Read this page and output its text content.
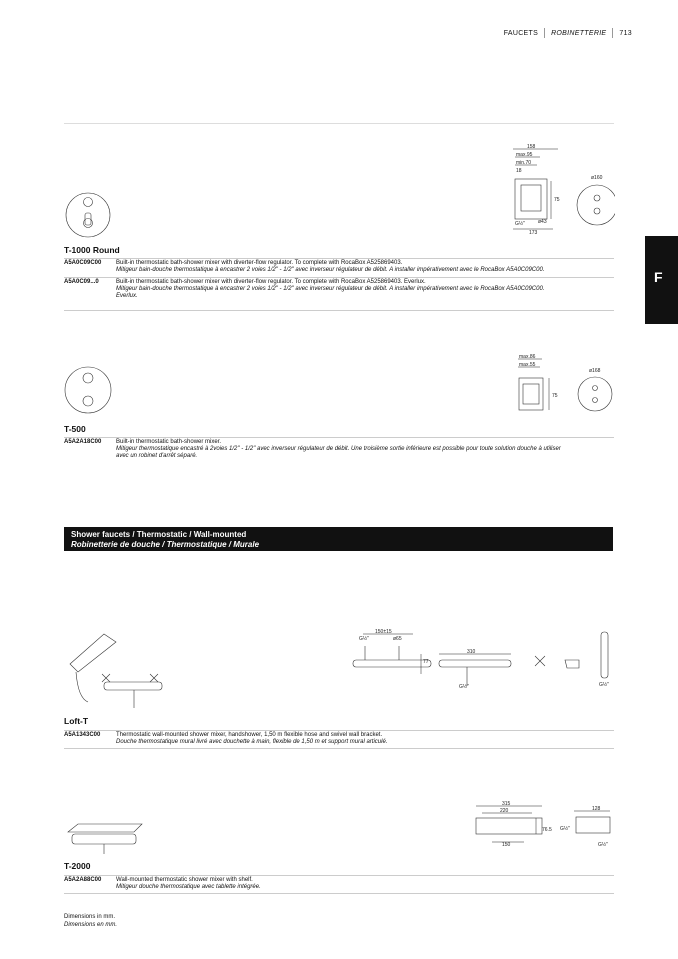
FAUCETS ROBINETTERIE 713
F
158
max.95
min.70
18
75
ø43
G½"
173
ø160
T-1000 Round
A5A0C09C00 Built-in thermostatic bath-shower mixer with diverter-flow regulator. To complete with RocaBox A525869403.
Mitigeur bain-douche thermostatique à encastrer 2 voies 1/2" - 1/2" avec inverseur régulateur de débit. A installer impérativement avec le RocaBox A5A0C09C00.
A5A0C09...0	Built-in thermostatic bath-shower mixer with diverter-flow regulator. To complete with RocaBox A525869403. Everlux.
Mitigeur bain-douche thermostatique à encastrer 2 voies 1/2" - 1/2" avec inverseur régulateur de débit. A installer impérativement avec le RocaBox A5A0C09C00.
Everlux.
max.86
max.55
75
ø168
T-500
A5A2A18C00 Built-in thermostatic bath-shower mixer.
Mitigeur thermostatique encastré à 2voies 1/2" - 1/2" avec inverseur régulateur de débit. Une troisième sortie inférieure est possible pour toute solution douche à utiliser
avec un robinet d'arrêt séparé.
Shower faucets / Thermostatic / Wall-mounted
Robinetterie de douche / Thermostatique / Murale
150±15
G½"	ø65
77
310
G½"	G½"
Loft-T
A5A1343C00	Thermostatic wall-mounted shower mixer, handshower, 1,50 m flexible hose and swivel wall bracket.
Douche thermostatique mural livré avec douchette à main, flexible de 1,50 m et support mural articulé.
315
220
76.5
150
G½"
128
G½"
T-2000
A5A2A88C00 Wall-mounted thermostatic shower mixer with shelf.
Mitigeur douche thermostatique avec tablette intégrée.
Dimensions in mm.
Dimensions en mm.
